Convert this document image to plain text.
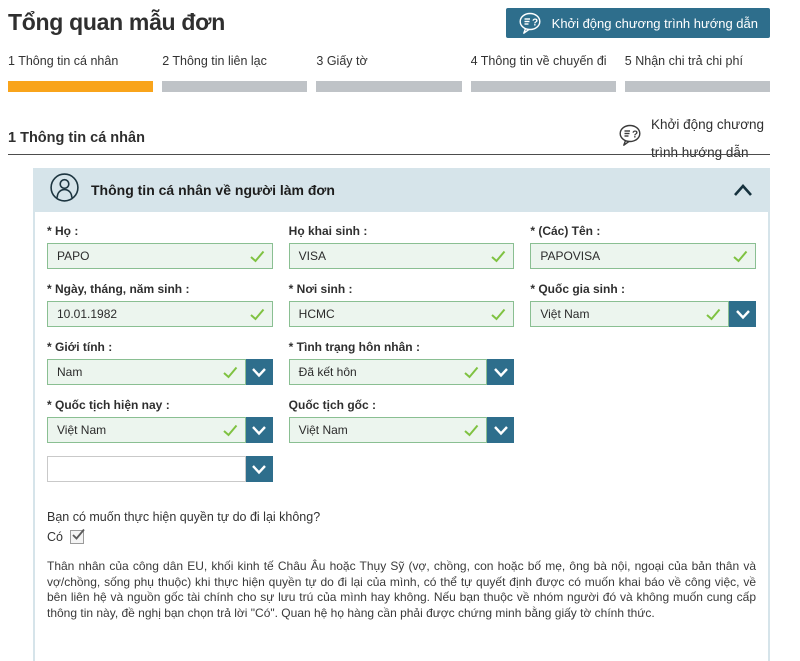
Tổng quan mẫu đơn	? Khởi động chương trình hướng dẫn
1 Thông tin cá nhân	2 Thông tin liên lạc	3 Giấy tờ	4 Thông tin về chuyến đi	5 Nhận chi trả chi phí
1 Thông tin cá nhân	?
Khởi động chương trình hướng dẫn
Thông tin cá nhân về người làm đơn
* Họ :
PAPO
Họ khai sinh :
VISA
* (Các) Tên :
PAPOVISA
* Ngày, tháng, năm sinh :
10.01.1982
* Nơi sinh :
HCMC
* Quốc gia sinh :
Việt Nam
* Giới tính :
Nam
* Tình trạng hôn nhân :
Đã kết hôn
* Quốc tịch hiện nay :
Việt Nam
Quốc tịch gốc :
Việt Nam
Bạn có muốn thực hiện quyền tự do đi lại không?
Có

Thân nhân của công dân EU, khối kinh tế Châu Âu hoặc Thụy Sỹ (vợ, chồng, con hoặc bố mẹ, ông bà nội, ngoại của bản thân và vợ/chồng, sống phụ thuộc) khi thực hiện quyền tự do đi lại của mình, có thể tự quyết định được có muốn khai báo về công việc, về bên liên hệ và nguồn gốc tài chính cho sự lưu trú của mình hay không. Nếu bạn thuộc về nhóm người đó và không muốn cung cấp thông tin này, đề nghị bạn chọn trả lời "Có". Quan hệ họ hàng cần phải được chứng minh bằng giấy tờ chính thức.
